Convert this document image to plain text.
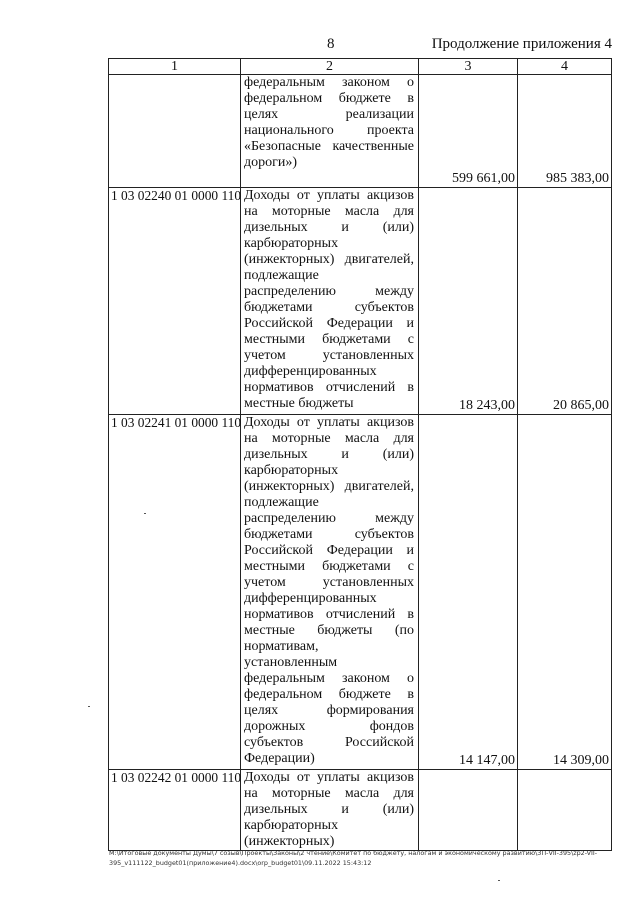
8	Продолжение приложения 4
1	2	3	4
	федеральным законом о федеральном бюджете в целях реализации национального проекта «Безопасные качественные дороги»)	599 661,00	985 383,00
1 03 02240 01 0000 110	Доходы от уплаты акцизов на моторные масла для дизельных и (или) карбюраторных (инжекторных) двигателей, подлежащие распределению между бюджетами субъектов Российской Федерации и местными бюджетами с учетом установленных дифференцированных нормативов отчислений в местные бюджеты	18 243,00	20 865,00
1 03 02241 01 0000 110	Доходы от уплаты акцизов на моторные масла для дизельных и (или) карбюраторных (инжекторных) двигателей, подлежащие распределению между бюджетами субъектов Российской Федерации и местными бюджетами с учетом установленных дифференцированных нормативов отчислений в местные бюджеты (по нормативам, установленным федеральным законом о федеральном бюджете в целях формирования дорожных фондов субъектов Российской Федерации)	14 147,00	14 309,00
1 03 02242 01 0000 110	Доходы от уплаты акцизов на моторные масла для дизельных и (или) карбюраторных (инжекторных)		
М:\Итоговые документы Думы\7 созыв\Проекты\Законы\2 чтение\Комитет по бюджету, налогам и экономическому развитию\ЗП-VII-395\zp2-VII-395_v111122_budget01(приложение4).docx\orp_budget01\09.11.2022 15:43:12
